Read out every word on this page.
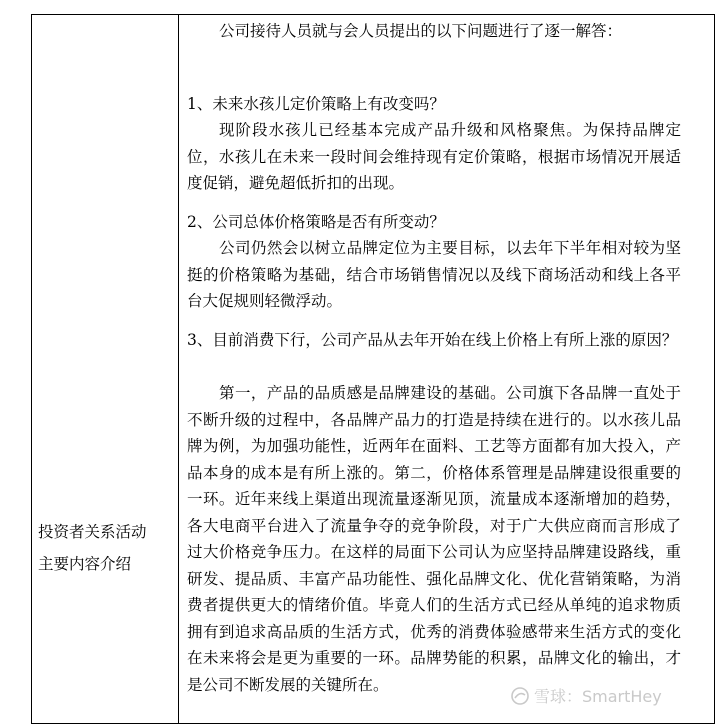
投资者关系活动
主要内容介绍
公司接待人员就与会人员提出的以下问题进行了逐一解答：
1、未来水孩儿定价策略上有改变吗？
现阶段水孩儿已经基本完成产品升级和风格聚焦。为保持品牌定位，水孩儿在未来一段时间会维持现有定价策略，根据市场情况开展适度促销，避免超低折扣的出现。
2、公司总体价格策略是否有所变动？
公司仍然会以树立品牌定位为主要目标，以去年下半年相对较为坚挺的价格策略为基础，结合市场销售情况以及线下商场活动和线上各平台大促规则轻微浮动。
3、目前消费下行，公司产品从去年开始在线上价格上有所上涨的原因？
第一，产品的品质感是品牌建设的基础。公司旗下各品牌一直处于不断升级的过程中，各品牌产品力的打造是持续在进行的。以水孩儿品牌为例，为加强功能性，近两年在面料、工艺等方面都有加大投入，产品本身的成本是有所上涨的。第二，价格体系管理是品牌建设很重要的一环。近年来线上渠道出现流量逐渐见顶，流量成本逐渐增加的趋势，各大电商平台进入了流量争夺的竞争阶段，对于广大供应商而言形成了过大价格竞争压力。在这样的局面下公司认为应坚持品牌建设路线，重研发、提品质、丰富产品功能性、强化品牌文化、优化营销策略，为消费者提供更大的情绪价值。毕竟人们的生活方式已经从单纯的追求物质拥有到追求高品质的生活方式，优秀的消费体验感带来生活方式的变化在未来将会是更为重要的一环。品牌势能的积累，品牌文化的输出，才是公司不断发展的关键所在。
雪球：SmartHey
